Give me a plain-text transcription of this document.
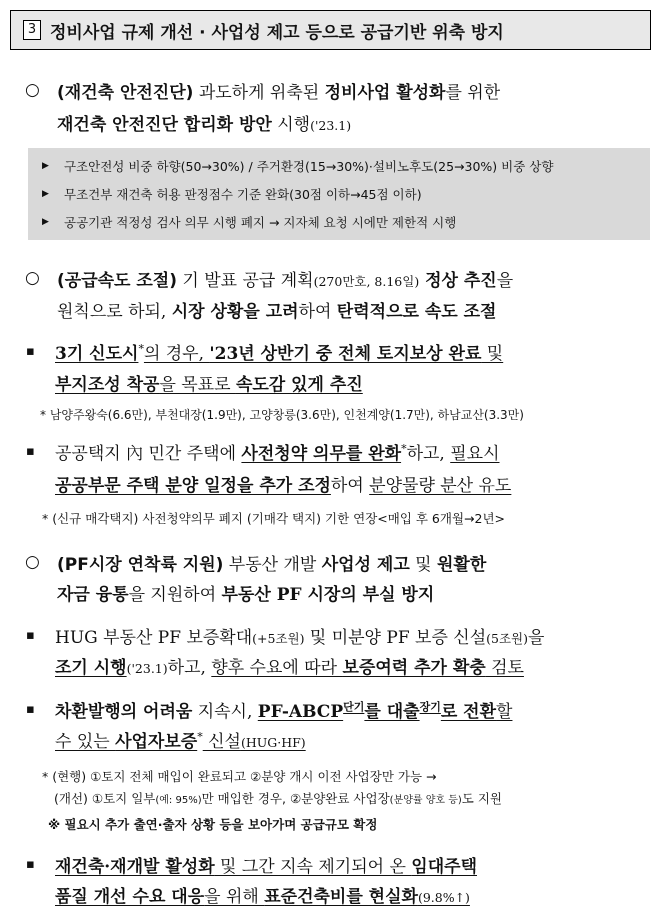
3 정비사업 규제 개선 · 사업성 제고 등으로 공급기반 위축 방지
○ (재건축 안전진단) 과도하게 위축된 정비사업 활성화를 위한
재건축 안전진단 합리화 방안 시행('23.1)
▶ 구조안전성 비중 하향(50→30%) / 주거환경(15→30%)·설비노후도(25→30%) 비중 상향
▶ 무조건부 재건축 허용 판정점수 기준 완화(30점 이하→45점 이하)
▶ 공공기관 적정성 검사 의무 시행 폐지 → 지자체 요청 시에만 제한적 시행
○ (공급속도 조절) 기 발표 공급 계획(270만호, 8.16일) 정상 추진을
원칙으로 하되, 시장 상황을 고려하여 탄력적으로 속도 조절
▪ 3기 신도시*의 경우, '23년 상반기 중 전체 토지보상 완료 및
부지조성 착공을 목표로 속도감 있게 추진
* 남양주왕숙(6.6만), 부천대장(1.9만), 고양창릉(3.6만), 인천계양(1.7만), 하남교산(3.3만)
▪ 공공택지 內 민간 주택에 사전청약 의무를 완화*하고, 필요시
공공부문 주택 분양 일정을 추가 조정하여 분양물량 분산 유도
* (신규 매각택지) 사전청약의무 폐지 (기매각 택지) 기한 연장<매입 후 6개월→2년>
○ (PF시장 연착륙 지원) 부동산 개발 사업성 제고 및 원활한
자금 융통을 지원하여 부동산 PF 시장의 부실 방지
▪ HUG 부동산 PF 보증확대(+5조원) 및 미분양 PF 보증 신설(5조원)을
조기 시행('23.1)하고, 향후 수요에 따라 보증여력 추가 확충 검토
▪ 차환발행의 어려움 지속시, $PF-ABCP^{단기}$를 대출$^{장기}$로 전환할
수 있는 사업자보증* 신설(HUG·HF)
* (현행) ①토지 전체 매입이 완료되고 ②분양 개시 이전 사업장만 가능 →
(개선) ①토지 일부(예: 95%)만 매입한 경우, ②분양완료 사업장(분양률 양호 등)도 지원
※ 필요시 추가 출연·출자 상황 등을 보아가며 공급규모 확정
▪ 재건축·재개발 활성화 및 그간 지속 제기되어 온 임대주택
품질 개선 수요 대응을 위해 표준건축비를 현실화(9.8%↑)
